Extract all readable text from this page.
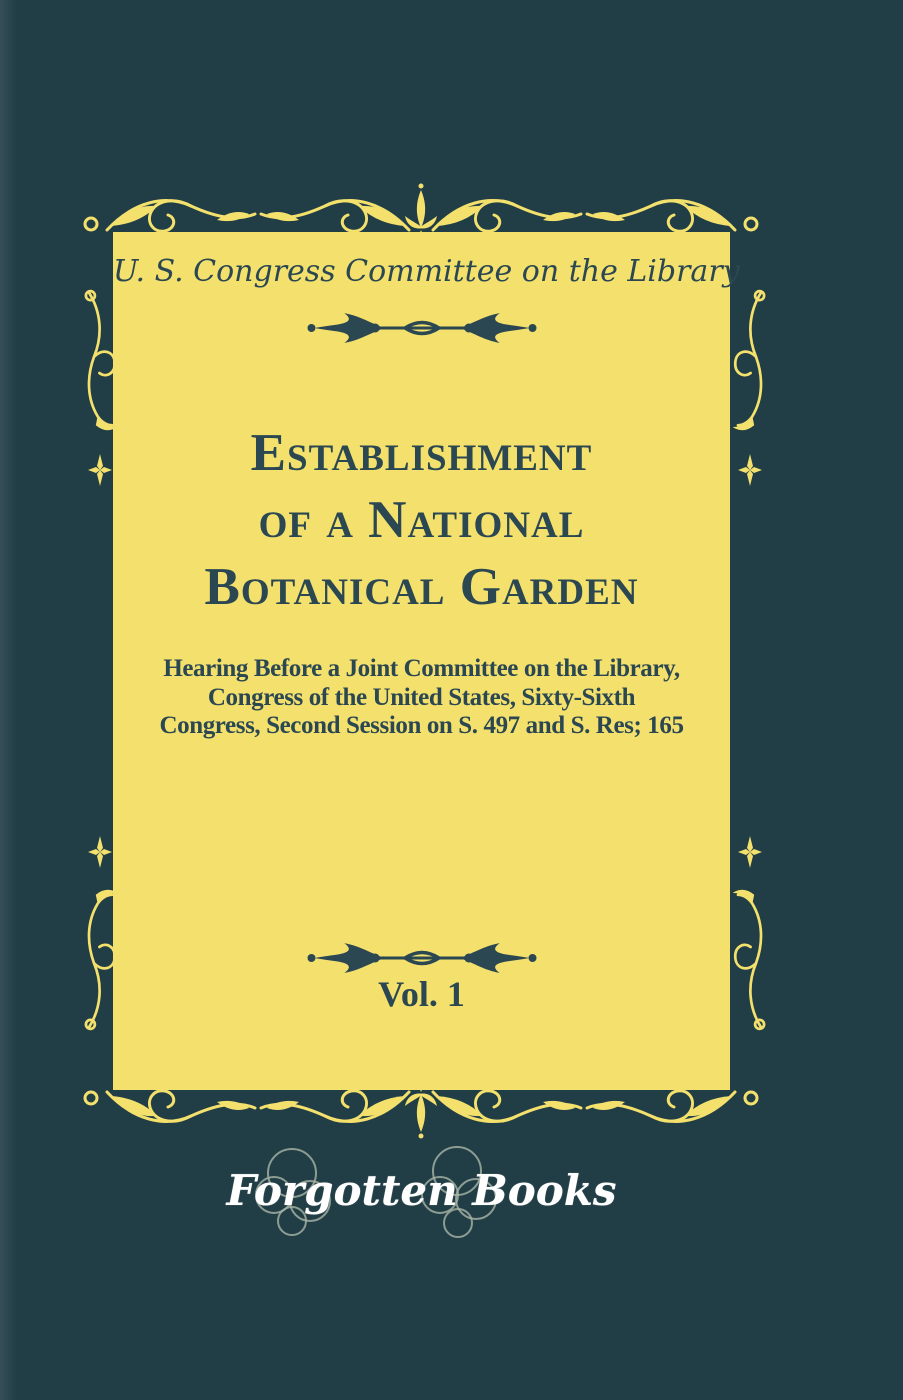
U. S. Congress Committee on the Library
Establishment
of a National
Botanical Garden

Hearing Before a Joint Committee on the Library,
Congress of the United States, Sixty-Sixth
Congress, Second Session on S. 497 and S. Res; 165

Vol. 1
Forgotten Books
